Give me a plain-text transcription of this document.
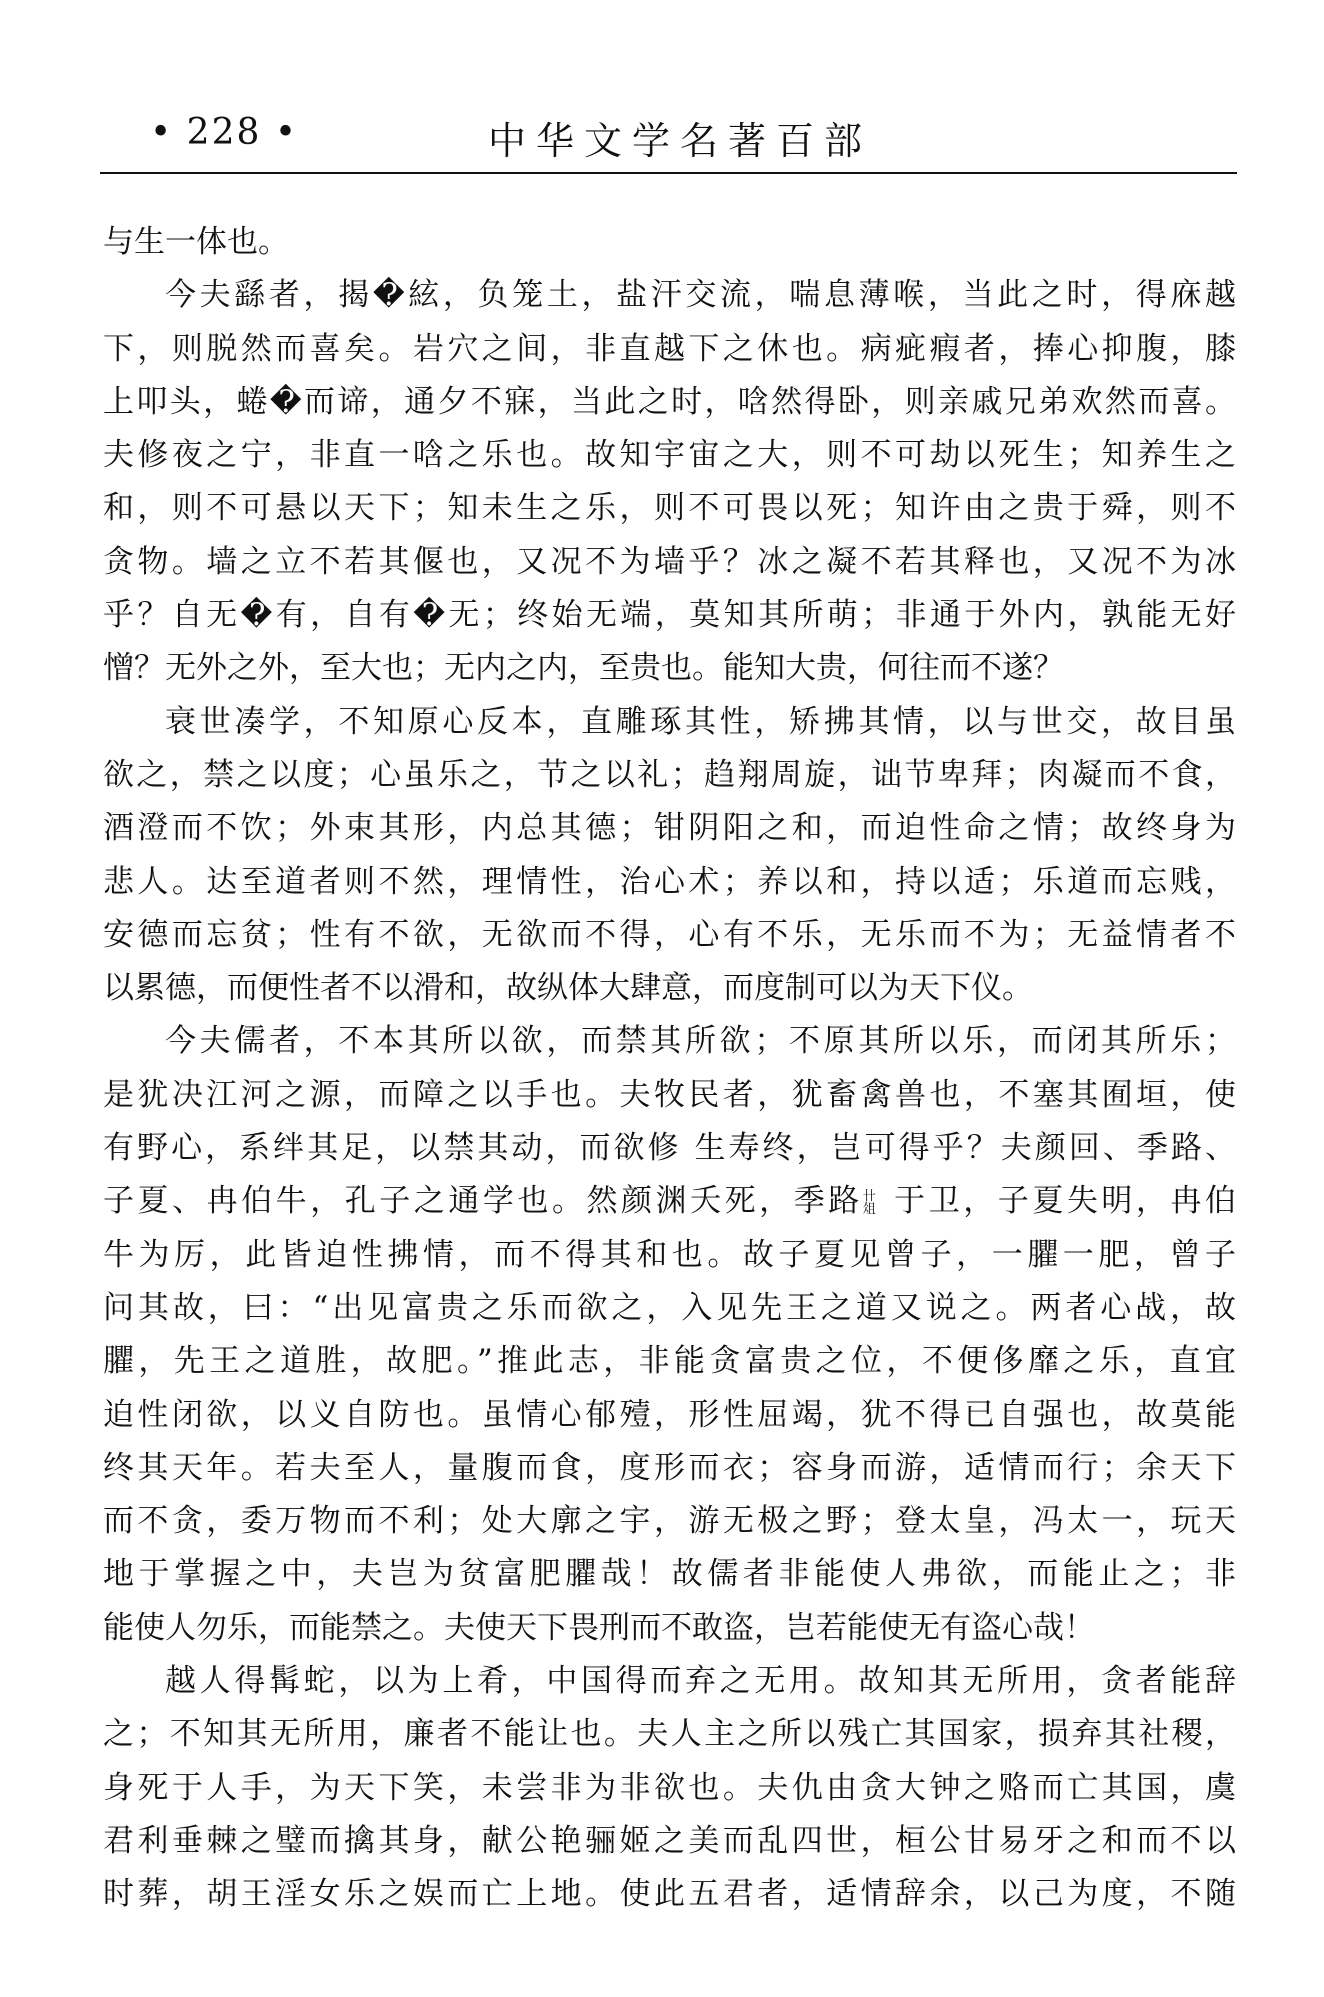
• 228 •	中华文学名著百部
与生一体也。
今夫繇者，揭�絃，负笼土，盐汗交流，喘息薄喉，当此之时，得庥越
下，则脱然而喜矣。岩穴之间，非直越下之休也。病疵瘕者，捧心抑腹，膝
上叩头，蜷�而谛，通夕不寐，当此之时，唅然得卧，则亲戚兄弟欢然而喜。
夫修夜之宁，非直一唅之乐也。故知宇宙之大，则不可劫以死生；知养生之
和，则不可悬以天下；知未生之乐，则不可畏以死；知许由之贵于舜，则不
贪物。墙之立不若其偃也，又况不为墙乎？冰之凝不若其释也，又况不为冰
乎？自无�有，自有�无；终始无端，莫知其所萌；非通于外内，孰能无好
憎？无外之外，至大也；无内之内，至贵也。能知大贵，何往而不遂？
衰世凑学，不知原心反本，直雕琢其性，矫拂其情，以与世交，故目虽
欲之，禁之以度；心虽乐之，节之以礼；趋翔周旋，诎节卑拜；肉凝而不食，
酒澄而不饮；外束其形，内总其德；钳阴阳之和，而迫性命之情；故终身为
悲人。达至道者则不然，理情性，治心术；养以和，持以适；乐道而忘贱，
安德而忘贫；性有不欲，无欲而不得，心有不乐，无乐而不为；无益情者不
以累德，而便性者不以滑和，故纵体大肆意，而度制可以为天下仪。
今夫儒者，不本其所以欲，而禁其所欲；不原其所以乐，而闭其所乐；
是犹决江河之源，而障之以手也。夫牧民者，犹畜禽兽也，不塞其囿垣，使
有野心，系绊其足，以禁其动，而欲修 生寿终，岂可得乎？夫颜回、季路、
子夏、冉伯牛，孔子之通学也。然颜渊夭死，季路 卄
俎 于卫，子夏失明，冉伯
牛为厉，此皆迫性拂情，而不得其和也。故子夏见曾子，一臞一肥，曾子
问其故，曰：“出见富贵之乐而欲之，入见先王之道又说之。两者心战，故
臞，先王之道胜，故肥。”推此志，非能贪富贵之位，不便侈靡之乐，直宜
迫性闭欲，以义自防也。虽情心郁殪，形性屈竭，犹不得已自强也，故莫能
终其天年。若夫至人，量腹而食，度形而衣；容身而游，适情而行；余天下
而不贪，委万物而不利；处大廓之宇，游无极之野；登太皇，冯太一，玩天
地于掌握之中，夫岂为贫富肥臞哉！故儒者非能使人弗欲，而能止之；非
能使人勿乐，而能禁之。夫使天下畏刑而不敢盗，岂若能使无有盗心哉！
越人得髯蛇，以为上肴，中国得而弃之无用。故知其无所用，贪者能辞
之；不知其无所用，廉者不能让也。夫人主之所以残亡其国家，损弃其社稷，
身死于人手，为天下笑，未尝非为非欲也。夫仇由贪大钟之赂而亡其国，虞
君利垂棘之璧而擒其身，献公艳骊姬之美而乱四世，桓公甘易牙之和而不以
时葬，胡王淫女乐之娱而亡上地。使此五君者，适情辞余，以己为度，不随
